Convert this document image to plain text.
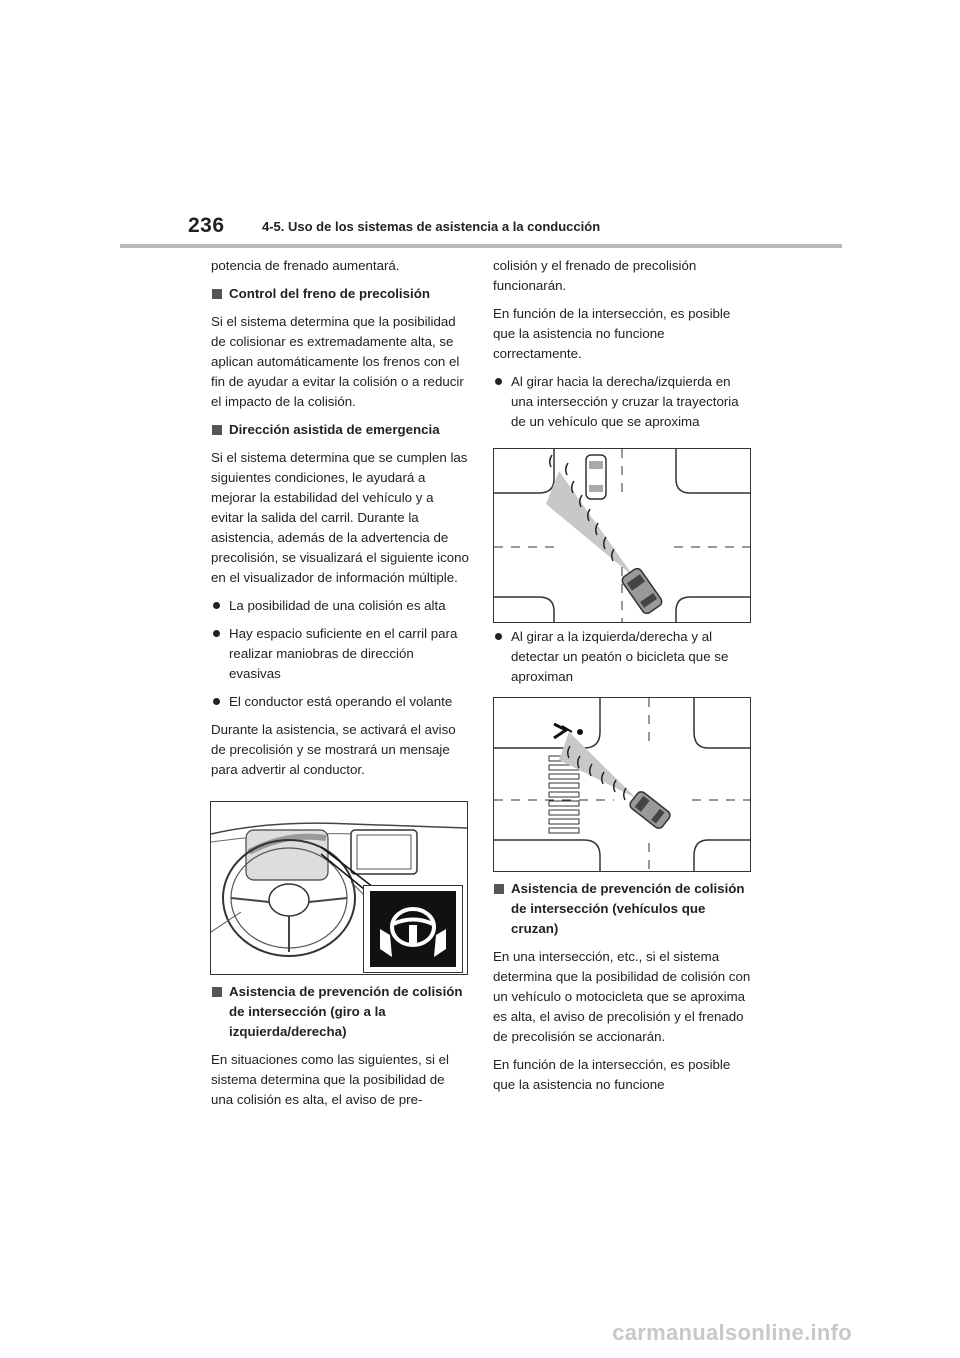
236	4-5. Uso de los sistemas de asistencia a la conducción

potencia de frenado aumentará.

Control del freno de precolisión

Si el sistema determina que la posibilidad de colisionar es extremadamente alta, se aplican automáticamente los frenos con el fin de ayudar a evitar la colisión o a reducir el impacto de la colisión.

Dirección asistida de emergencia

Si el sistema determina que se cumplen las siguientes condiciones, le ayudará a mejorar la estabilidad del vehículo y a evitar la salida del carril. Durante la asistencia, además de la advertencia de precolisión, se visualizará el siguiente icono en el visualizador de información múltiple.

La posibilidad de una colisión es alta

Hay espacio suficiente en el carril para realizar maniobras de dirección evasivas

El conductor está operando el volante

Durante la asistencia, se activará el aviso de precolisión y se mostrará un mensaje para advertir al conductor.

Asistencia de prevención de colisión de intersección (giro a la izquierda/derecha)

En situaciones como las siguientes, si el sistema determina que la posibilidad de una colisión es alta, el aviso de pre-

colisión y el frenado de precolisión funcionarán.

En función de la intersección, es posible que la asistencia no funcione correctamente.

Al girar hacia la derecha/izquierda en una intersección y cruzar la trayectoria de un vehículo que se aproxima

Al girar a la izquierda/derecha y al detectar un peatón o bicicleta que se aproximan

Asistencia de prevención de colisión de intersección (vehículos que cruzan)

En una intersección, etc., si el sistema determina que la posibilidad de colisión con un vehículo o motocicleta que se aproxima es alta, el aviso de precolisión y el frenado de precolisión se accionarán.

En función de la intersección, es posible que la asistencia no funcione

carmanualsonline.info
